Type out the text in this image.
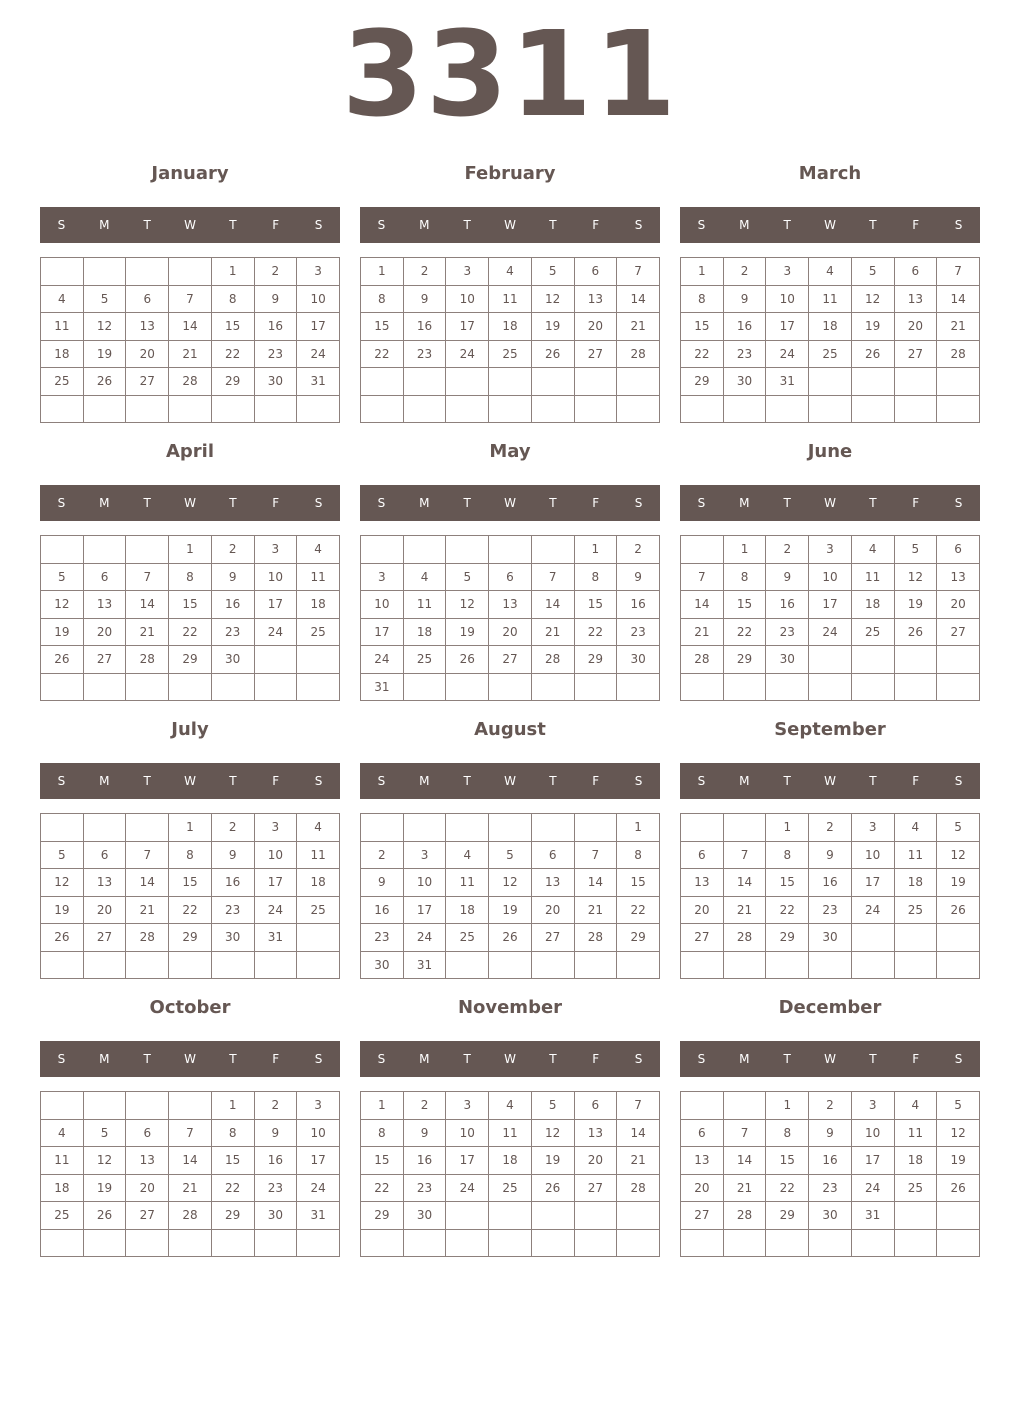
3311
January
S	M	T	W	T	F	S
				1	2	3
4	5	6	7	8	9	10
11	12	13	14	15	16	17
18	19	20	21	22	23	24
25	26	27	28	29	30	31

February
S	M	T	W	T	F	S
1	2	3	4	5	6	7
8	9	10	11	12	13	14
15	16	17	18	19	20	21
22	23	24	25	26	27	28

March
S	M	T	W	T	F	S
1	2	3	4	5	6	7
8	9	10	11	12	13	14
15	16	17	18	19	20	21
22	23	24	25	26	27	28
29	30	31				

April
S	M	T	W	T	F	S
			1	2	3	4
5	6	7	8	9	10	11
12	13	14	15	16	17	18
19	20	21	22	23	24	25
26	27	28	29	30		

May
S	M	T	W	T	F	S
					1	2
3	4	5	6	7	8	9
10	11	12	13	14	15	16
17	18	19	20	21	22	23
24	25	26	27	28	29	30
31						
June
S	M	T	W	T	F	S
	1	2	3	4	5	6
7	8	9	10	11	12	13
14	15	16	17	18	19	20
21	22	23	24	25	26	27
28	29	30				

July
S	M	T	W	T	F	S
			1	2	3	4
5	6	7	8	9	10	11
12	13	14	15	16	17	18
19	20	21	22	23	24	25
26	27	28	29	30	31	

August
S	M	T	W	T	F	S
						1
2	3	4	5	6	7	8
9	10	11	12	13	14	15
16	17	18	19	20	21	22
23	24	25	26	27	28	29
30	31					
September
S	M	T	W	T	F	S
		1	2	3	4	5
6	7	8	9	10	11	12
13	14	15	16	17	18	19
20	21	22	23	24	25	26
27	28	29	30			

October
S	M	T	W	T	F	S
				1	2	3
4	5	6	7	8	9	10
11	12	13	14	15	16	17
18	19	20	21	22	23	24
25	26	27	28	29	30	31

November
S	M	T	W	T	F	S
1	2	3	4	5	6	7
8	9	10	11	12	13	14
15	16	17	18	19	20	21
22	23	24	25	26	27	28
29	30					

December
S	M	T	W	T	F	S
		1	2	3	4	5
6	7	8	9	10	11	12
13	14	15	16	17	18	19
20	21	22	23	24	25	26
27	28	29	30	31		
